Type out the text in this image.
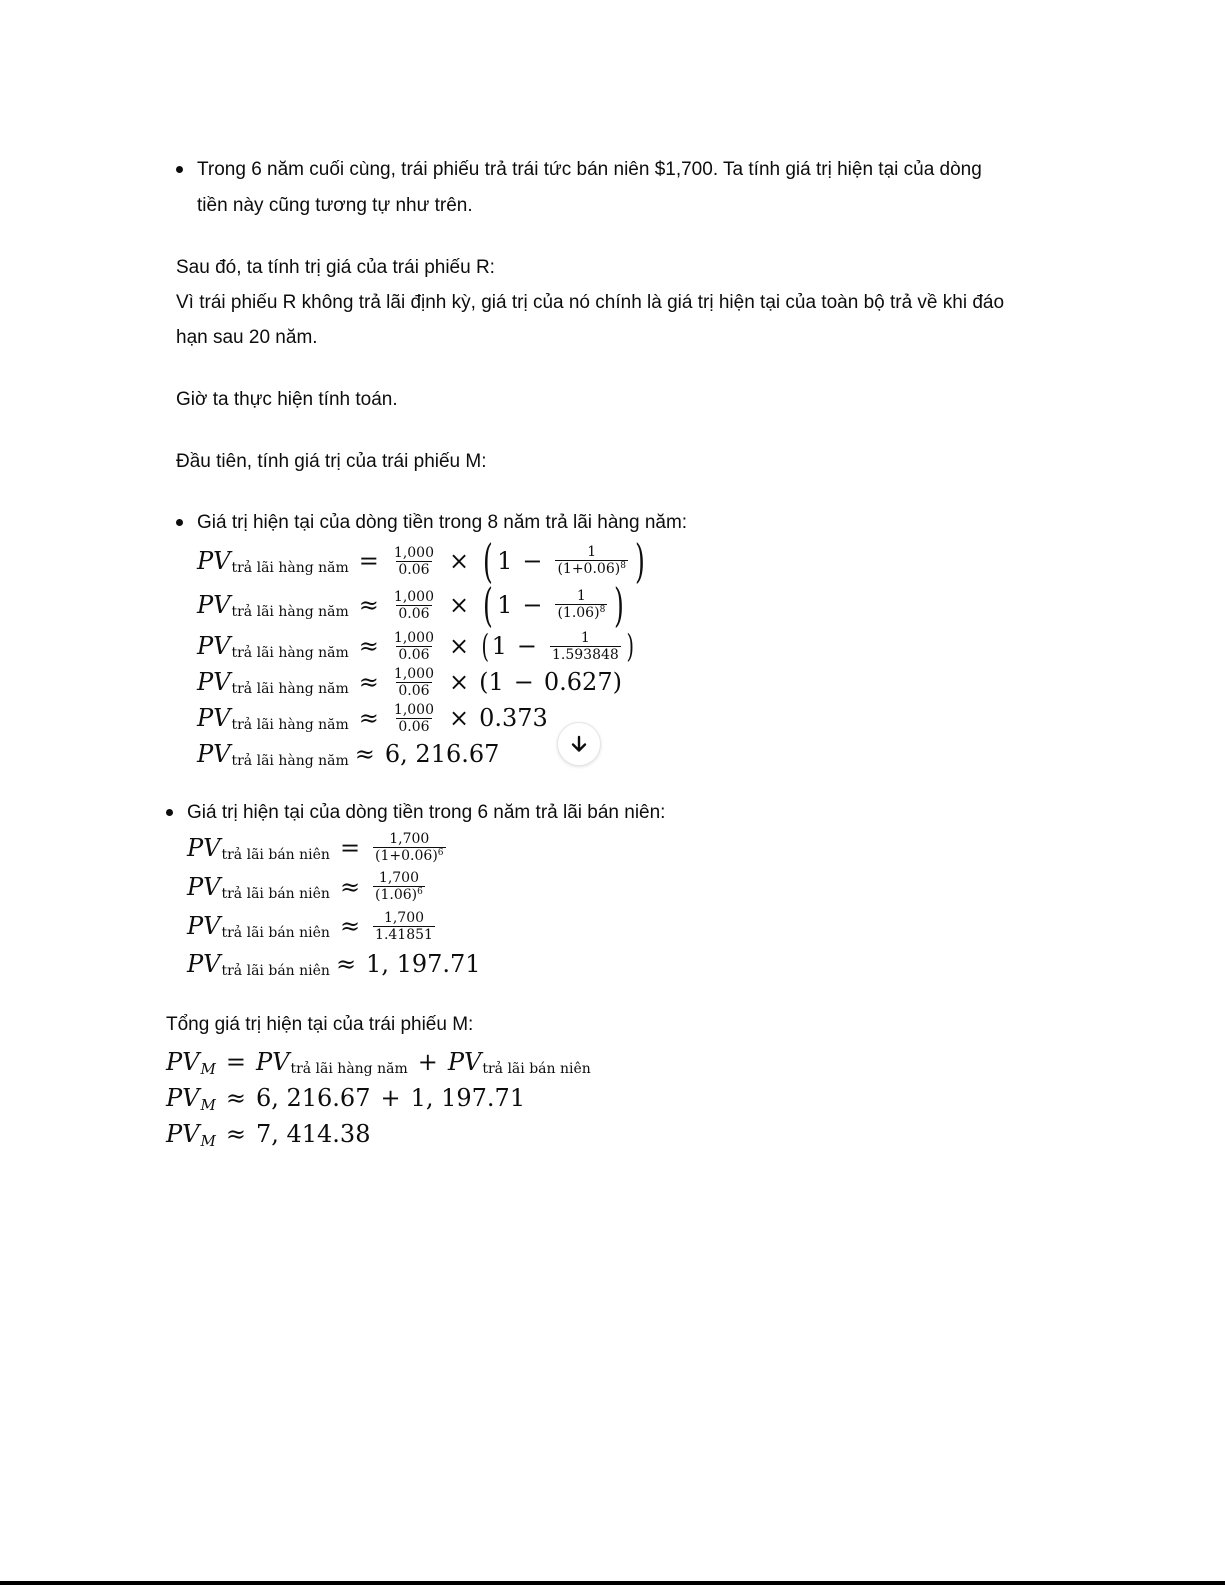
Trong 6 năm cuối cùng, trái phiếu trả trái tức bán niên $1,700. Ta tính giá trị hiện tại của dòng
tiền này cũng tương tự như trên.
Sau đó, ta tính trị giá của trái phiếu R:
Vì trái phiếu R không trả lãi định kỳ, giá trị của nó chính là giá trị hiện tại của toàn bộ trả về khi đáo
hạn sau 20 năm.
Giờ ta thực hiện tính toán.
Đầu tiên, tính giá trị của trái phiếu M:
Giá trị hiện tại của dòng tiền trong 8 năm trả lãi hàng năm:
PV trả lãi hàng năm = $\frac{1,000}{0.06}$ × ( $1 - \frac{1}{(1+0.06)^8}$ )
PV trả lãi hàng năm ≈ $\frac{1,000}{0.06}$ × ( $1 - \frac{1}{(1.06)^8}$ )
PV trả lãi hàng năm ≈ $\frac{1,000}{0.06}$ × ( $1 - \frac{1}{1.593848}$ )
PV trả lãi hàng năm ≈ $\frac{1,000}{0.06}$ × ( 1 − 0.627 )
PV trả lãi hàng năm ≈ $\frac{1,000}{0.06} \times 0.373$
PV trả lãi hàng năm ≈ 6, 216.67
Giá trị hiện tại của dòng tiền trong 6 năm trả lãi bán niên:
PV trả lãi bán niên = $\frac{1,700}{(1+0.06)^6}$
PV trả lãi bán niên ≈ $\frac{1,700}{(1.06)^6}$
PV trả lãi bán niên ≈ $\frac{1,700}{1.41851}$
PV trả lãi bán niên ≈ 1, 197.71
Tổng giá trị hiện tại của trái phiếu M:
PV M = PV trả lãi hàng năm + PV trả lãi bán niên
PV M ≈ 6, 216.67 + 1, 197.71
PV M ≈ 7, 414.38
